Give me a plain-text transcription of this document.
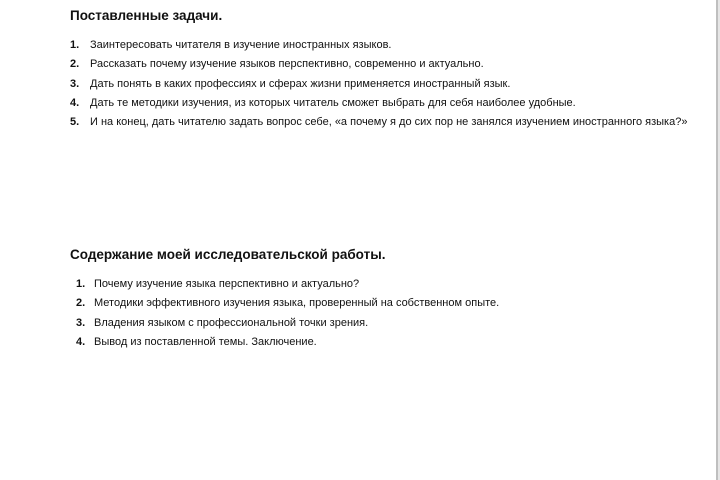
Поставленные задачи.
1. Заинтересовать читателя в изучение иностранных языков.
2. Рассказать почему изучение языков перспективно, современно и актуально.
3. Дать понять в каких профессиях и сферах жизни применяется иностранный язык.
4. Дать те методики изучения, из которых читатель сможет выбрать для себя наиболее удобные.
5. И на конец, дать читателю задать вопрос себе, «а почему я до сих пор не занялся изучением иностранного языка?»
Содержание моей исследовательской работы.
1. Почему изучение языка перспективно и актуально?
2. Методики эффективного изучения языка, проверенный на собственном опыте.
3. Владения языком с профессиональной точки зрения.
4. Вывод из поставленной темы. Заключение.
